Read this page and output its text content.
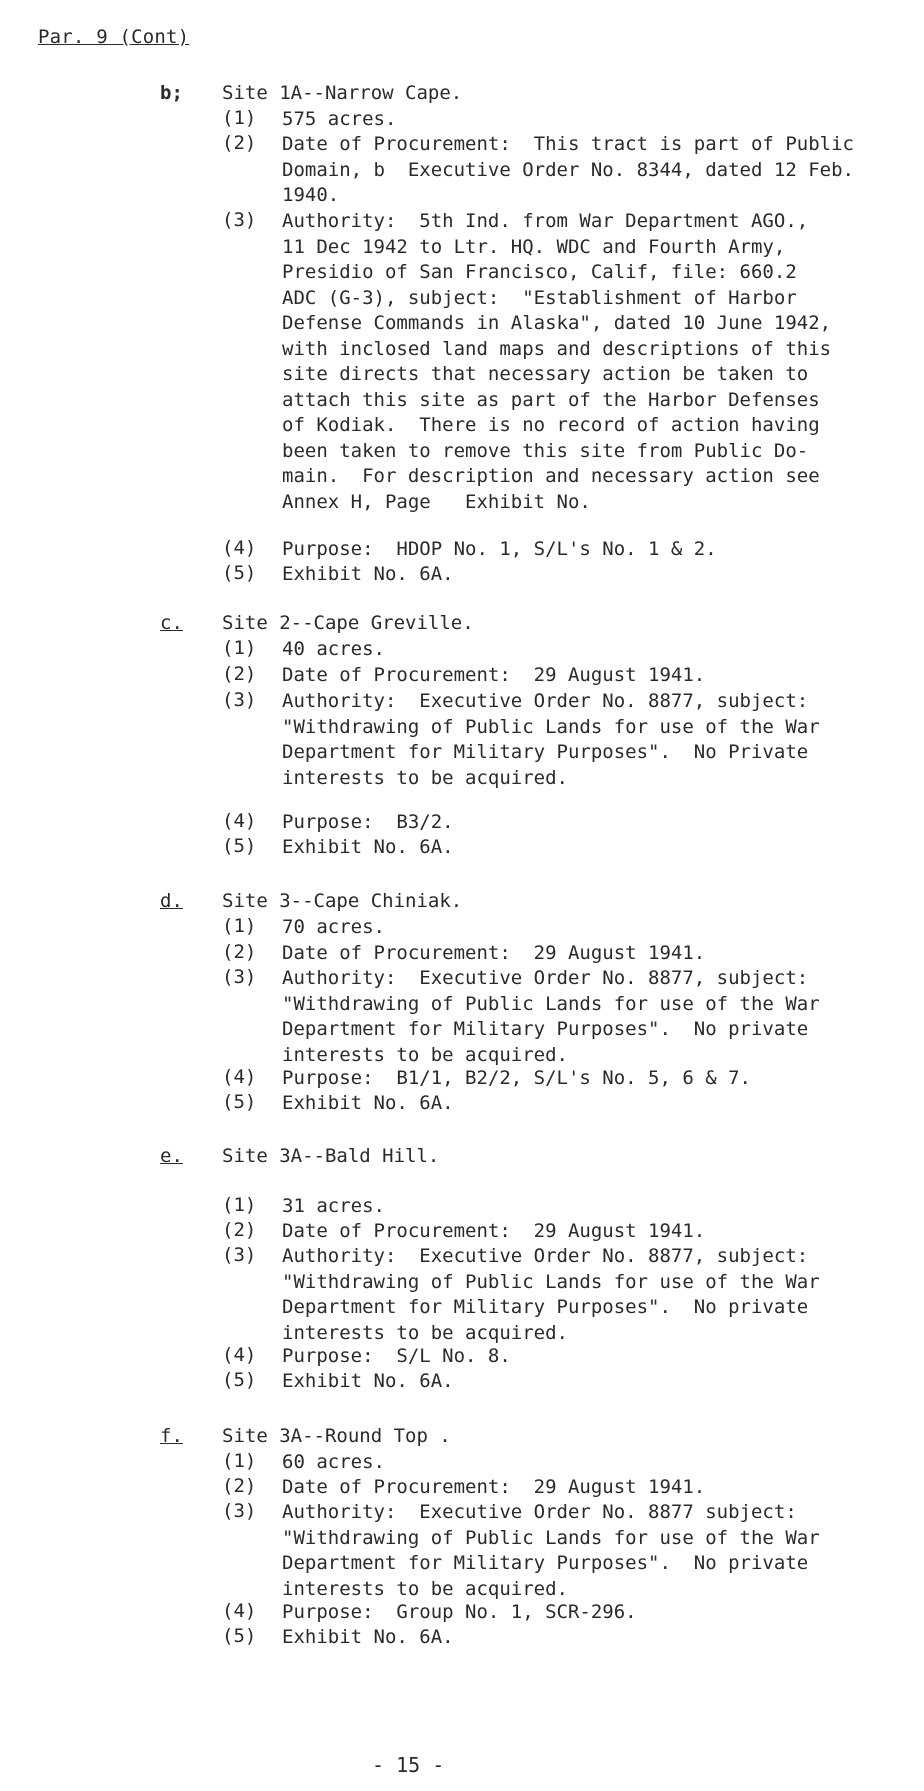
Par. 9 (Cont)
b; Site 1A--Narrow Cape.
(1) 575 acres.
(2) Date of Procurement:  This tract is part of Public
Domain, b  Executive Order No. 8344, dated 12 Feb.
1940.
(3) Authority:  5th Ind. from War Department AGO.,
11 Dec 1942 to Ltr. HQ. WDC and Fourth Army,
Presidio of San Francisco, Calif, file: 660.2
ADC (G-3), subject:  "Establishment of Harbor
Defense Commands in Alaska", dated 10 June 1942,
with inclosed land maps and descriptions of this
site directs that necessary action be taken to
attach this site as part of the Harbor Defenses
of Kodiak.  There is no record of action having
been taken to remove this site from Public Do-
main.  For description and necessary action see
Annex H, Page   Exhibit No.
(4) Purpose:  HDOP No. 1, S/L's No. 1 & 2.
(5) Exhibit No. 6A.
c. Site 2--Cape Greville.
(1) 40 acres.
(2) Date of Procurement:  29 August 1941.
(3) Authority:  Executive Order No. 8877, subject:
"Withdrawing of Public Lands for use of the War
Department for Military Purposes".  No Private
interests to be acquired.
(4) Purpose:  B3/2.
(5) Exhibit No. 6A.
d. Site 3--Cape Chiniak.
(1) 70 acres.
(2) Date of Procurement:  29 August 1941.
(3) Authority:  Executive Order No. 8877, subject:
"Withdrawing of Public Lands for use of the War
Department for Military Purposes".  No private
interests to be acquired.
(4) Purpose:  B1/1, B2/2, S/L's No. 5, 6 & 7.
(5) Exhibit No. 6A.
e. Site 3A--Bald Hill.
(1) 31 acres.
(2) Date of Procurement:  29 August 1941.
(3) Authority:  Executive Order No. 8877, subject:
"Withdrawing of Public Lands for use of the War
Department for Military Purposes".  No private
interests to be acquired.
(4) Purpose:  S/L No. 8.
(5) Exhibit No. 6A.
f. Site 3A--Round Top .
(1) 60 acres.
(2) Date of Procurement:  29 August 1941.
(3) Authority:  Executive Order No. 8877 subject:
"Withdrawing of Public Lands for use of the War
Department for Military Purposes".  No private
interests to be acquired.
(4) Purpose:  Group No. 1, SCR-296.
(5) Exhibit No. 6A.
- 15 -
